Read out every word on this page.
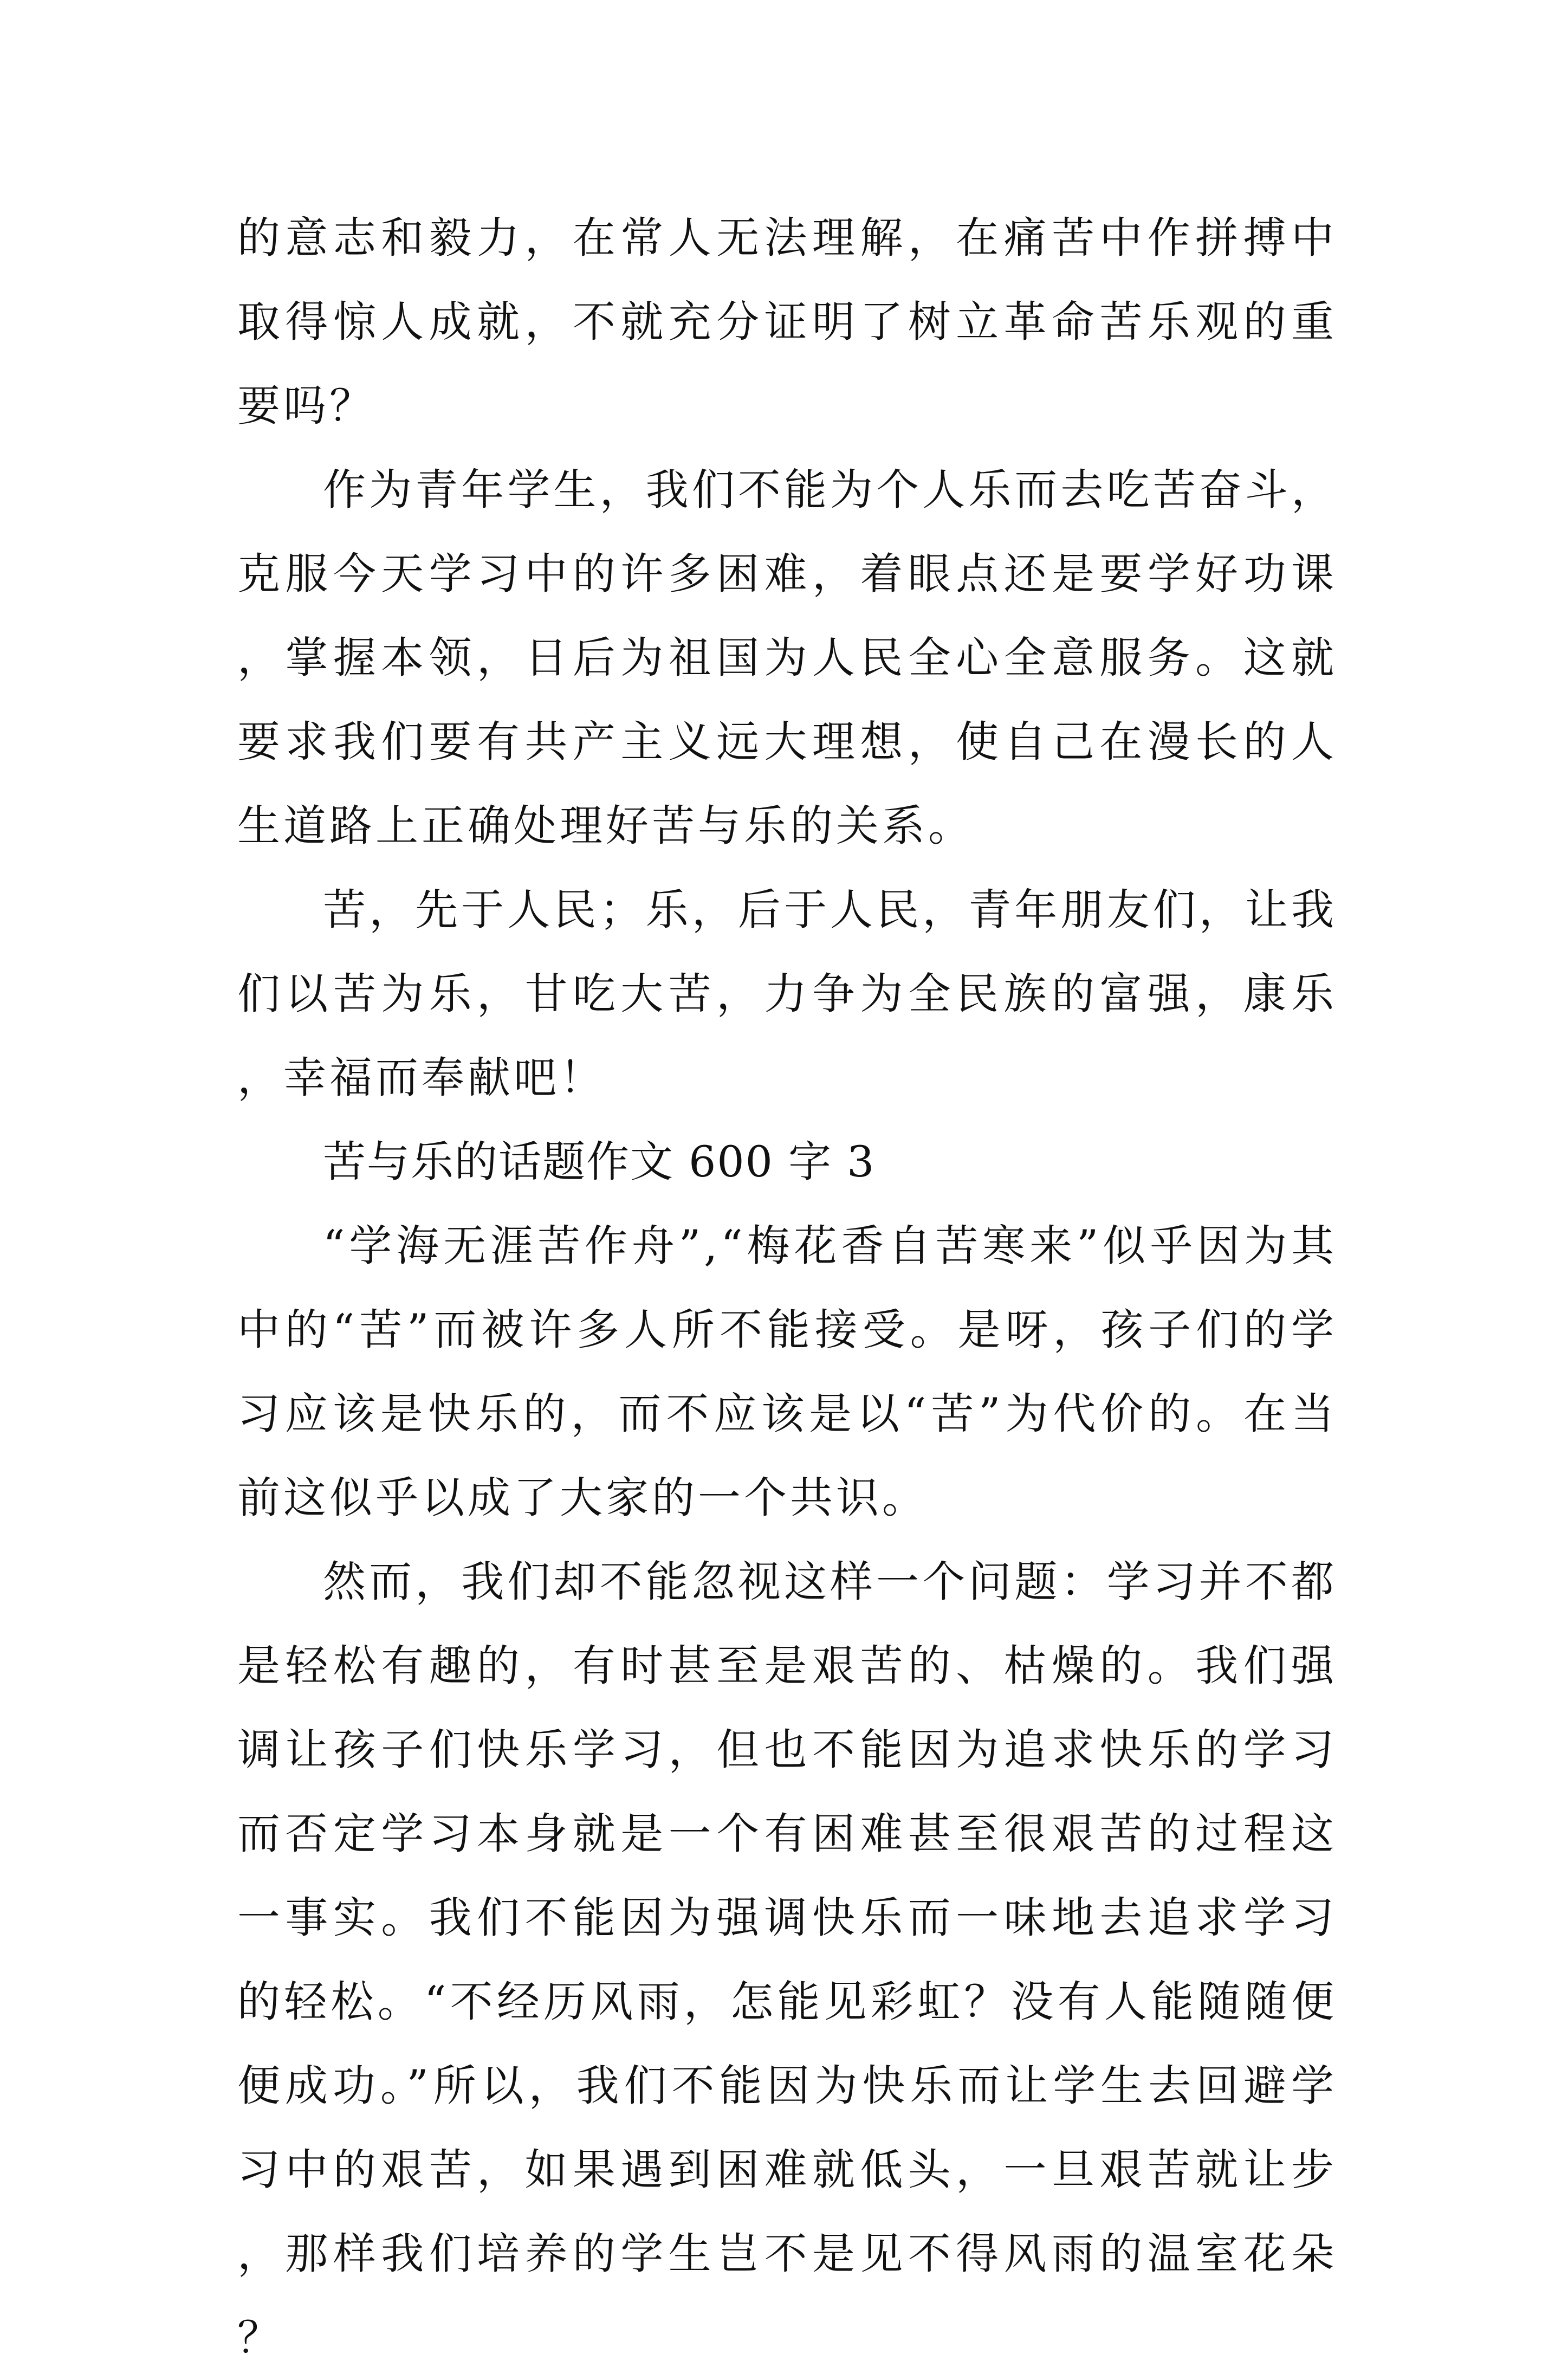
的意志和毅力，在常人无法理解，在痛苦中作拼搏中取得惊人成就，不就充分证明了树立革命苦乐观的重要吗？

作为青年学生，我们不能为个人乐而去吃苦奋斗，克服今天学习中的许多困难，着眼点还是要学好功课，掌握本领，日后为祖国为人民全心全意服务。这就要求我们要有共产主义远大理想，使自己在漫长的人生道路上正确处理好苦与乐的关系。

苦，先于人民；乐，后于人民，青年朋友们，让我们以苦为乐，甘吃大苦，力争为全民族的富强，康乐，幸福而奉献吧！

苦与乐的话题作文 600 字 3

“学海无涯苦作舟”,“梅花香自苦寒来”似乎因为其中的“苦”而被许多人所不能接受。是呀，孩子们的学习应该是快乐的，而不应该是以“苦”为代价的。在当前这似乎以成了大家的一个共识。

然而，我们却不能忽视这样一个问题：学习并不都是轻松有趣的，有时甚至是艰苦的、枯燥的。我们强调让孩子们快乐学习，但也不能因为追求快乐的学习而否定学习本身就是一个有困难甚至很艰苦的过程这一事实。我们不能因为强调快乐而一味地去追求学习的轻松。“不经历风雨，怎能见彩虹？没有人能随随便便成功。”所以，我们不能因为快乐而让学生去回避学习中的艰苦，如果遇到困难就低头，一旦艰苦就让步，那样我们培养的学生岂不是见不得风雨的温室花朵？
